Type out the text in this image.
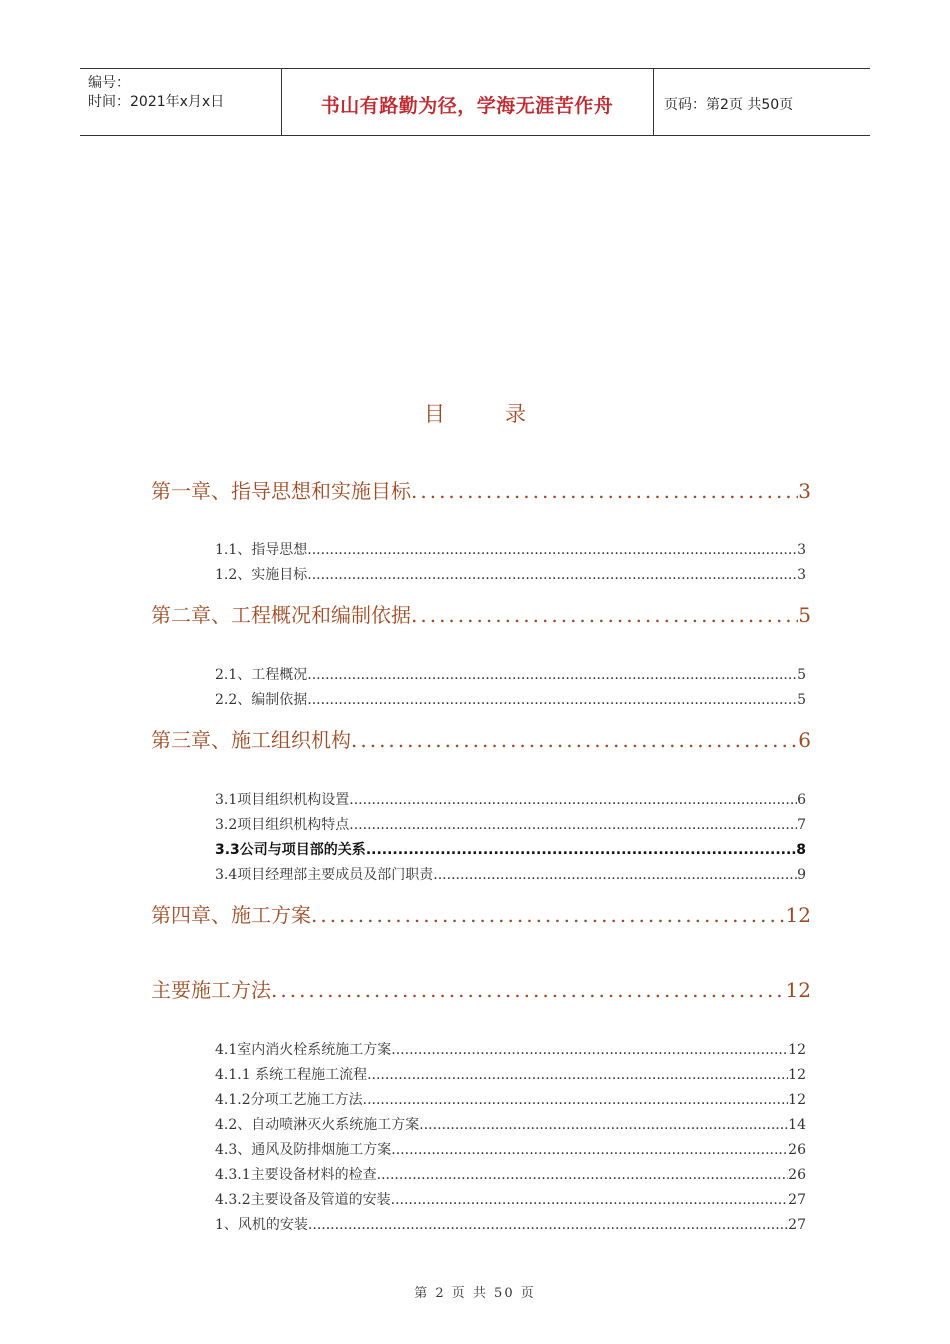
编号：
时间：2021年x月x日	书山有路勤为径，学海无涯苦作舟	页码：第2页 共50页
目录
第一章、指导思想和实施目标 .....	3
1.1、指导思想 .....	3
1.2、实施目标 .....	3
第二章、工程概况和编制依据 .....	5
2.1、工程概况 .....	5
2.2、编制依据 .....	5
第三章、施工组织机构 .....	6
3.1项目组织机构设置 .....	6
3.2项目组织机构特点 .....	7
3.3公司与项目部的关系 .....	8
3.4项目经理部主要成员及部门职责 .....	9
第四章、施工方案 .....	12
主要施工方法 .....	12
4.1室内消火栓系统施工方案 .....	12
4.1.1 系统工程施工流程 .....	12
4.1.2分项工艺施工方法 .....	12
4.2、自动喷淋灭火系统施工方案 .....	14
4.3、通风及防排烟施工方案 .....	26
4.3.1主要设备材料的检查 .....	26
4.3.2主要设备及管道的安装 .....	27
1、风机的安装 .....	27
第 2 页 共 50 页
